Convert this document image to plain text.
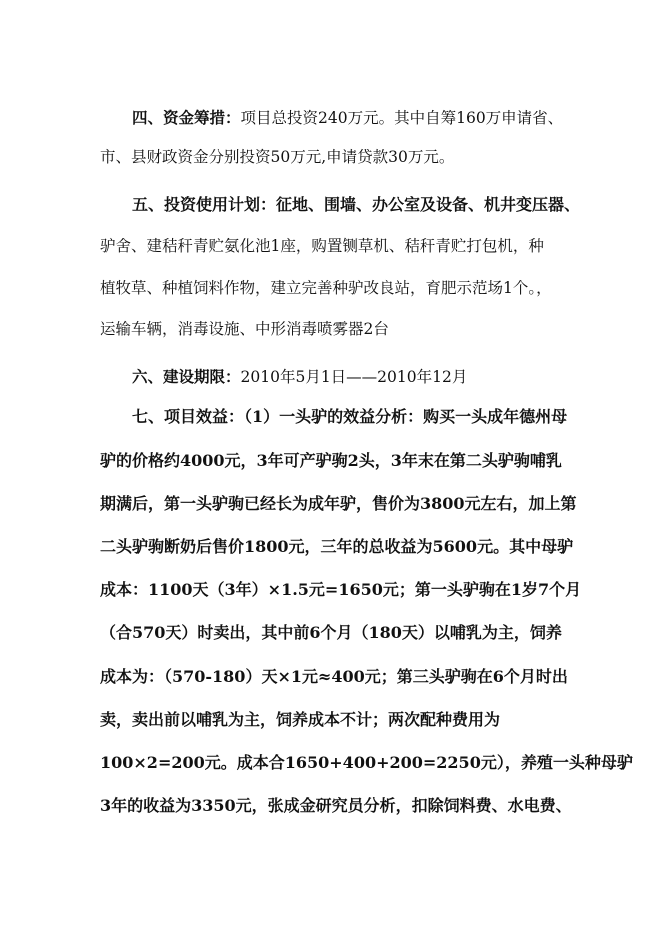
四、资金筹措：项目总投资240万元。其中自筹160万申请省、
市、县财政资金分别投资50万元,申请贷款30万元。
五、投资使用计划：征地、围墙、办公室及设备、机井变压器、
驴舍、建秸秆青贮氨化池1座，购置铡草机、秸秆青贮打包机，种
植牧草、种植饲料作物，建立完善种驴改良站，育肥示范场1个。，
运输车辆，消毒设施、中形消毒喷雾器2台
六、建设期限：2010年5月1日——2010年12月
七、项目效益：（1）一头驴的效益分析：购买一头成年德州母
驴的价格约4000元，3年可产驴驹2头，3年末在第二头驴驹哺乳
期满后，第一头驴驹已经长为成年驴，售价为3800元左右，加上第
二头驴驹断奶后售价1800元，三年的总收益为5600元。其中母驴
成本：1100天（3年）×1.5元=1650元；第一头驴驹在1岁7个月
（合570天）时卖出，其中前6个月（180天）以哺乳为主，饲养
成本为：（570-180）天×1元≈400元；第三头驴驹在6个月时出
卖，卖出前以哺乳为主，饲养成本不计；两次配种费用为
100×2=200元。成本合1650+400+200=2250元），养殖一头种母驴
3年的收益为3350元，张成金研究员分析，扣除饲料费、水电费、
